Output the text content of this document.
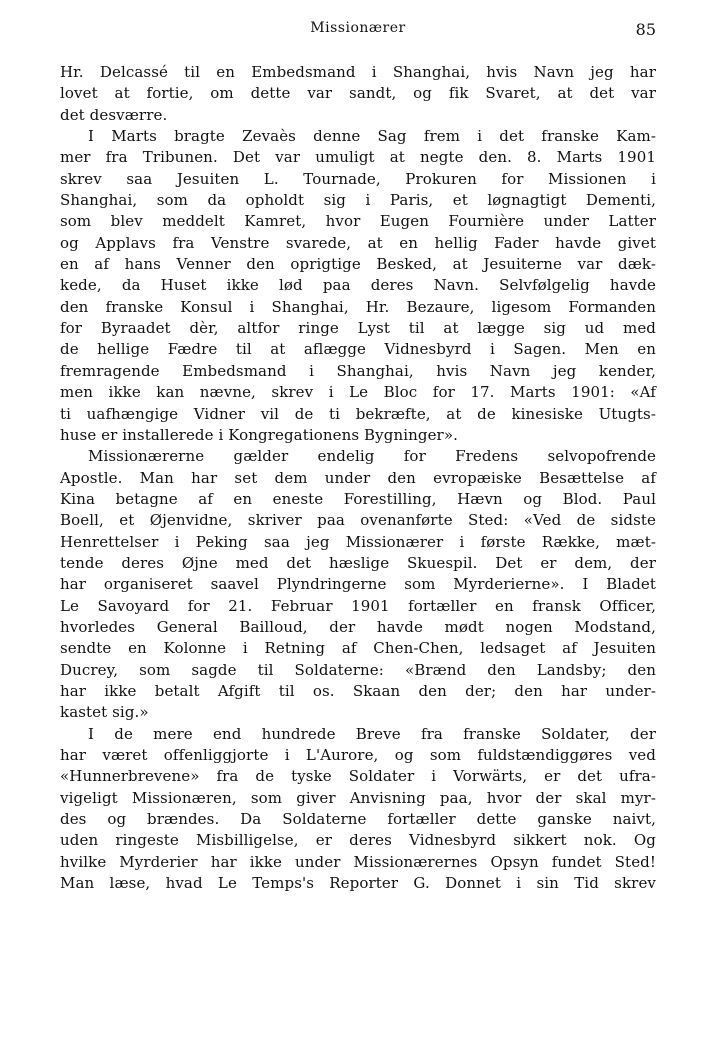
Missionærer	85
Hr. Delcassé til en Embedsmand i Shanghai, hvis Navn jeg har
lovet at fortie, om dette var sandt, og fik Svaret, at det var
det desværre.
I Marts bragte Zevaès denne Sag frem i det franske Kam-
mer fra Tribunen. Det var umuligt at negte den. 8. Marts 1901
skrev saa Jesuiten L. Tournade, Prokuren for Missionen i
Shanghai, som da opholdt sig i Paris, et løgnagtigt Dementi,
som blev meddelt Kamret, hvor Eugen Fournière under Latter
og Applavs fra Venstre svarede, at en hellig Fader havde givet
en af hans Venner den oprigtige Besked, at Jesuiterne var dæk-
kede, da Huset ikke lød paa deres Navn. Selvfølgelig havde
den franske Konsul i Shanghai, Hr. Bezaure, ligesom Formanden
for Byraadet dèr, altfor ringe Lyst til at lægge sig ud med
de hellige Fædre til at aflægge Vidnesbyrd i Sagen. Men en
fremragende Embedsmand i Shanghai, hvis Navn jeg kender,
men ikke kan nævne, skrev i Le Bloc for 17. Marts 1901: «Af
ti uafhængige Vidner vil de ti bekræfte, at de kinesiske Utugts-
huse er installerede i Kongregationens Bygninger».
Missionærerne gælder endelig for Fredens selvopofrende
Apostle. Man har set dem under den evropæiske Besættelse af
Kina betagne af en eneste Forestilling, Hævn og Blod. Paul
Boell, et Øjenvidne, skriver paa ovenanførte Sted: «Ved de sidste
Henrettelser i Peking saa jeg Missionærer i første Række, mæt-
tende deres Øjne med det hæslige Skuespil. Det er dem, der
har organiseret saavel Plyndringerne som Myrderierne». I Bladet
Le Savoyard for 21. Februar 1901 fortæller en fransk Officer,
hvorledes General Bailloud, der havde mødt nogen Modstand,
sendte en Kolonne i Retning af Chen-Chen, ledsaget af Jesuiten
Ducrey, som sagde til Soldaterne: «Brænd den Landsby; den
har ikke betalt Afgift til os. Skaan den der; den har under-
kastet sig.»
I de mere end hundrede Breve fra franske Soldater, der
har været offenliggjorte i L'Aurore, og som fuldstændiggøres ved
«Hunnerbrevene» fra de tyske Soldater i Vorwärts, er det ufra-
vigeligt Missionæren, som giver Anvisning paa, hvor der skal myr-
des og brændes. Da Soldaterne fortæller dette ganske naivt,
uden ringeste Misbilligelse, er deres Vidnesbyrd sikkert nok. Og
hvilke Myrderier har ikke under Missionærernes Opsyn fundet Sted!
Man læse, hvad Le Temps's Reporter G. Donnet i sin Tid skrev
